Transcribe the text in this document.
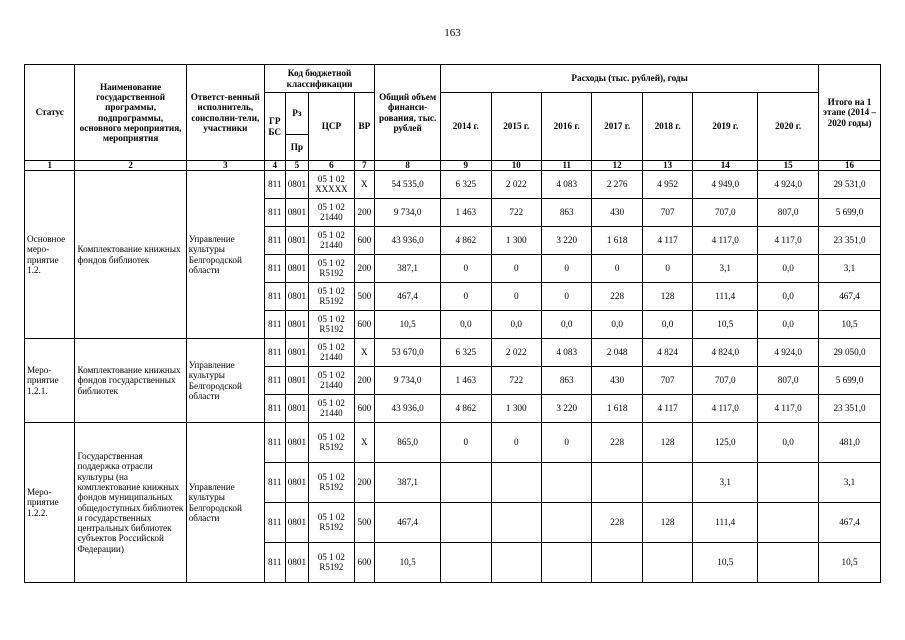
163
Статус	Наименование государственной программы, подпрограммы, основного мероприятия, мероприятия	Ответст-венный исполнитель, соисполни-тели, участники	Код бюджетной классификации				Общий объем финанси-рования, тыс. рублей	Расходы (тыс. рублей), годы							Итого на 1 этапе (2014 – 2020 годы)
			ГР БС	Рз	ЦСР	ВР		2014 г.	2015 г.	2016 г.	2017 г.	2018 г.	2019 г.	2020 г.	
				Пр											
1	2	3	4	5	6	7	8	9	10	11	12	13	14	15	16
Основное меро-приятие 1.2.	Комплектование книжных фондов библиотек	Управление культуры Белгородской области	811	0801	05 1 02 XXXXX	X	54 535,0	6 325	2 022	4 083	2 276	4 952	4 949,0	4 924,0	29 531,0
			811	0801	05 1 02 21440	200	9 734,0	1 463	722	863	430	707	707,0	807,0	5 699,0
			811	0801	05 1 02 21440	600	43 936,0	4 862	1 300	3 220	1 618	4 117	4 117,0	4 117,0	23 351,0
			811	0801	05 1 02 R5192	200	387,1	0	0	0	0	0	3,1	0,0	3,1
			811	0801	05 1 02 R5192	500	467,4	0	0	0	228	128	111,4	0,0	467,4
			811	0801	05 1 02 R5192	600	10,5	0,0	0,0	0,0	0,0	0,0	10,5	0,0	10,5
Меро-приятие 1.2.1.	Комплектование книжных фондов государственных библиотек	Управление культуры Белгородской области	811	0801	05 1 02 21440	X	53 670,0	6 325	2 022	4 083	2 048	4 824	4 824,0	4 924,0	29 050,0
			811	0801	05 1 02 21440	200	9 734,0	1 463	722	863	430	707	707,0	807,0	5 699,0
			811	0801	05 1 02 21440	600	43 936,0	4 862	1 300	3 220	1 618	4 117	4 117,0	4 117,0	23 351,0
Меро-приятие 1.2.2.	Государственная поддержка отрасли культуры (на комплектование книжных фондов муниципальных общедоступных библиотек и государственных центральных библиотек субъектов Российской Федерации)	Управление культуры Белгородской области	811	0801	05 1 02 R5192	X	865,0	0	0	0	228	128	125,0	0,0	481,0
			811	0801	05 1 02 R5192	200	387,1						3,1		3,1
			811	0801	05 1 02 R5192	500	467,4				228	128	111,4		467,4
			811	0801	05 1 02 R5192	600	10,5						10,5		10,5
